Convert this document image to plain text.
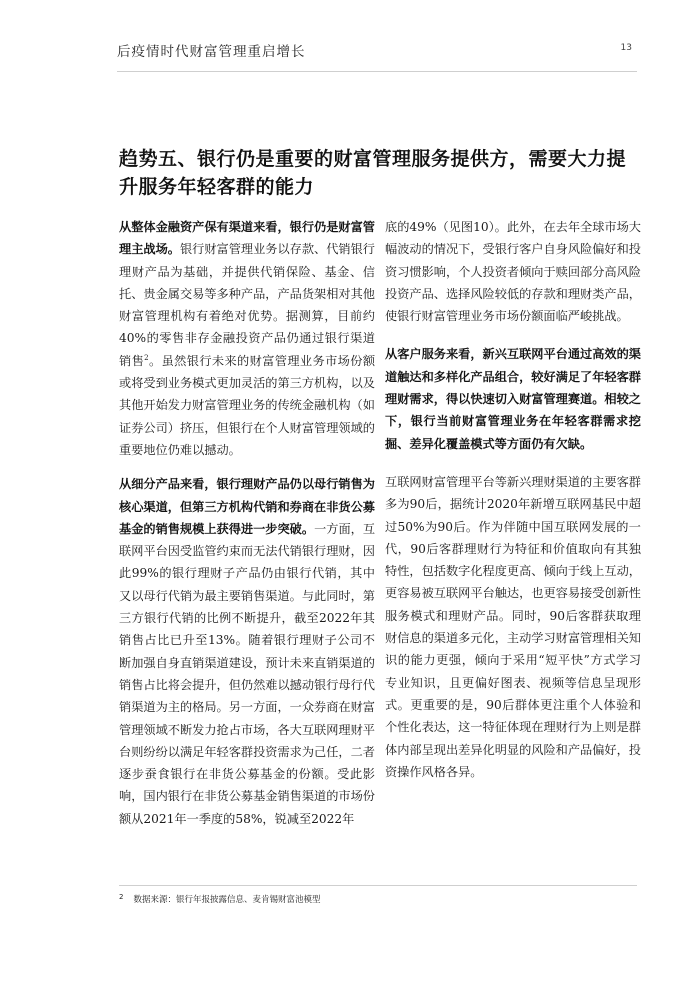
后疫情时代财富管理重启增长	13
趋势五、银行仍是重要的财富管理服务提供方，需要大力提升服务年轻客群的能力

从整体金融资产保有渠道来看，银行仍是财富管理主战场。银行财富管理业务以存款、代销银行理财产品为基础，并提供代销保险、基金、信托、贵金属交易等多种产品，产品货架相对其他财富管理机构有着绝对优势。据测算，目前约40%的零售非存金融投资产品仍通过银行渠道销售$^2$。虽然银行未来的财富管理业务市场份额或将受到业务模式更加灵活的第三方机构，以及其他开始发力财富管理业务的传统金融机构（如证券公司）挤压，但银行在个人财富管理领域的重要地位仍难以撼动。

从细分产品来看，银行理财产品仍以母行销售为核心渠道，但第三方机构代销和券商在非货公募基金的销售规模上获得进一步突破。一方面，互联网平台因受监管约束而无法代销银行理财，因此99%的银行理财子产品仍由银行代销，其中又以母行代销为最主要销售渠道。与此同时，第三方银行代销的比例不断提升，截至2022年其销售占比已升至13%。随着银行理财子公司不断加强自身直销渠道建设，预计未来直销渠道的销售占比将会提升，但仍然难以撼动银行母行代销渠道为主的格局。另一方面，一众券商在财富管理领域不断发力抢占市场，各大互联网理财平台则纷纷以满足年轻客群投资需求为己任，二者逐步蚕食银行在非货公募基金的份额。受此影响，国内银行在非货公募基金销售渠道的市场份额从2021年一季度的58%，锐减至2022年

底的49%（见图10）。此外，在去年全球市场大幅波动的情况下，受银行客户自身风险偏好和投资习惯影响，个人投资者倾向于赎回部分高风险投资产品、选择风险较低的存款和理财类产品，使银行财富管理业务市场份额面临严峻挑战。

从客户服务来看，新兴互联网平台通过高效的渠道触达和多样化产品组合，较好满足了年轻客群理财需求，得以快速切入财富管理赛道。相较之下，银行当前财富管理业务在年轻客群需求挖掘、差异化覆盖模式等方面仍有欠缺。

互联网财富管理平台等新兴理财渠道的主要客群多为90后，据统计2020年新增互联网基民中超过50%为90后。作为伴随中国互联网发展的一代，90后客群理财行为特征和价值取向有其独特性，包括数字化程度更高、倾向于线上互动，更容易被互联网平台触达，也更容易接受创新性服务模式和理财产品。同时，90后客群获取理财信息的渠道多元化，主动学习财富管理相关知识的能力更强，倾向于采用“短平快”方式学习专业知识，且更偏好图表、视频等信息呈现形式。更重要的是，90后群体更注重个人体验和个性化表达，这一特征体现在理财行为上则是群体内部呈现出差异化明显的风险和产品偏好，投资操作风格各异。

$^2$ 数据来源：银行年报披露信息、麦肯锡财富池模型
